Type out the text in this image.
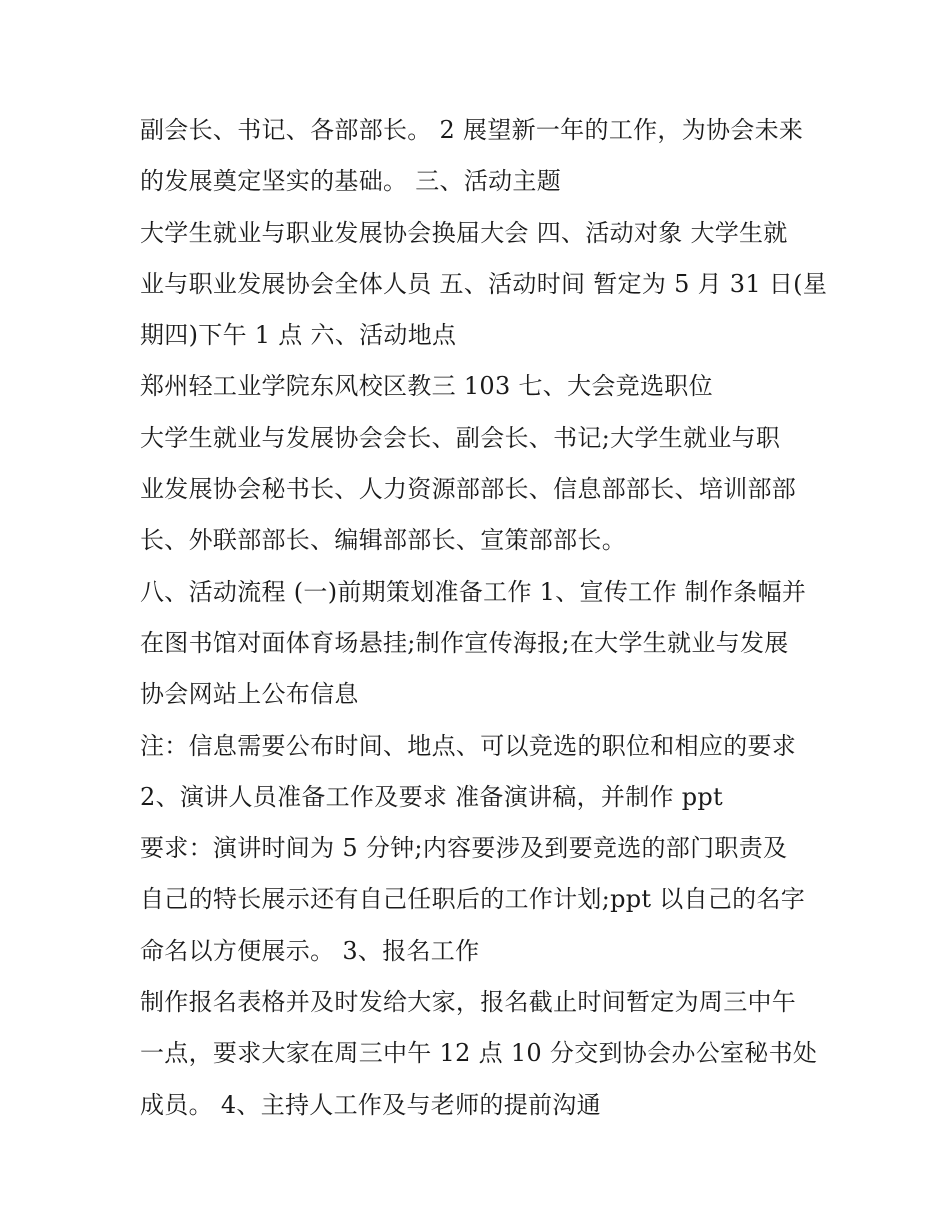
副会长、书记、各部部长。 2 展望新一年的工作，为协会未来
的发展奠定坚实的基础。 三、活动主题
大学生就业与职业发展协会换届大会 四、活动对象 大学生就
业与职业发展协会全体人员 五、活动时间 暂定为 5 月 31 日(星
期四)下午 1 点 六、活动地点
郑州轻工业学院东风校区教三 103 七、大会竞选职位
大学生就业与发展协会会长、副会长、书记;大学生就业与职
业发展协会秘书长、人力资源部部长、信息部部长、培训部部
长、外联部部长、编辑部部长、宣策部部长。
八、活动流程 (一)前期策划准备工作 1、宣传工作 制作条幅并
在图书馆对面体育场悬挂;制作宣传海报;在大学生就业与发展
协会网站上公布信息
注：信息需要公布时间、地点、可以竞选的职位和相应的要求
2、演讲人员准备工作及要求 准备演讲稿，并制作 ppt
要求：演讲时间为 5 分钟;内容要涉及到要竞选的部门职责及
自己的特长展示还有自己任职后的工作计划;ppt 以自己的名字
命名以方便展示。 3、报名工作
制作报名表格并及时发给大家，报名截止时间暂定为周三中午
一点，要求大家在周三中午 12 点 10 分交到协会办公室秘书处
成员。 4、主持人工作及与老师的提前沟通
